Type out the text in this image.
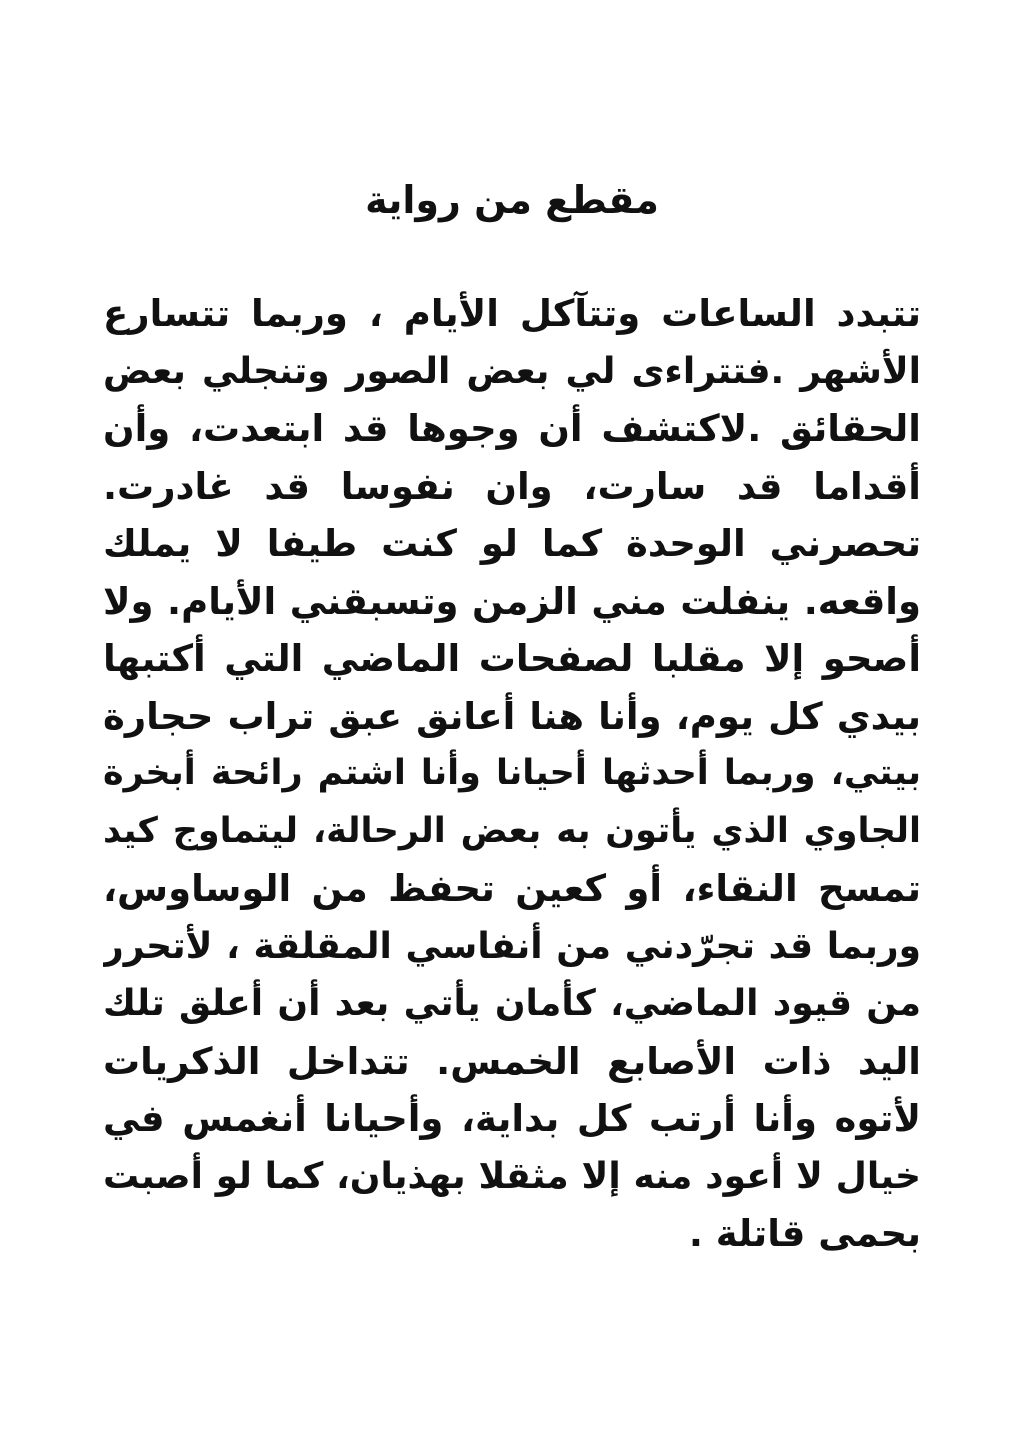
مقطع من رواية
تتبدد الساعات وتتآكل الأيام ، وربما تتسارع
الأشهر .فتتراءى لي بعض الصور وتنجلي بعض
الحقائق .لاكتشف أن وجوها قد ابتعدت، وأن
أقداما قد سارت، وان نفوسا قد غادرت.
تحصرني الوحدة كما لو كنت طيفا لا يملك
واقعه. ينفلت مني الزمن وتسبقني الأيام. ولا
أصحو إلا مقلبا لصفحات الماضي التي أكتبها
بيدي كل يوم، وأنا هنا أعانق عبق تراب حجارة
بيتي، وربما أحدثها أحيانا وأنا اشتم رائحة أبخرة
الجاوي الذي يأتون به بعض الرحالة، ليتماوج كيد
تمسح النقاء، أو كعين تحفظ من الوساوس،
وربما قد تجرّدني من أنفاسي المقلقة ، لأتحرر
من قيود الماضي، كأمان يأتي بعد أن أعلق تلك
اليد ذات الأصابع الخمس. تتداخل الذكريات
لأتوه وأنا أرتب كل بداية، وأحيانا أنغمس في
خيال لا أعود منه إلا مثقلا بهذيان، كما لو أصبت
بحمى قاتلة .
